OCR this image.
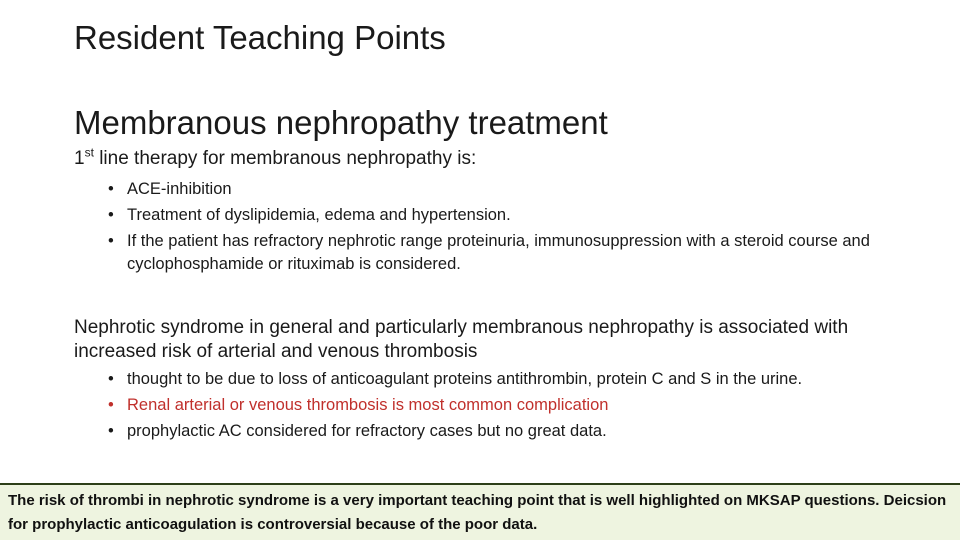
Resident Teaching Points
Membranous nephropathy treatment
1st line therapy for membranous nephropathy is:
• ACE-inhibition
• Treatment of dyslipidemia, edema and hypertension.
• If the patient has refractory nephrotic range proteinuria, immunosuppression with a steroid course and cyclophosphamide or rituximab is considered.
Nephrotic syndrome in general and particularly membranous nephropathy is associated with increased risk of arterial and venous thrombosis
• thought to be due to loss of anticoagulant proteins antithrombin, protein C and S in the urine.
• Renal arterial or venous thrombosis is most common complication
• prophylactic AC considered for refractory cases but no great data.
The risk of thrombi in nephrotic syndrome is a very important teaching point that is well highlighted on MKSAP questions. Deicsion for prophylactic anticoagulation is controversial because of the poor data.
